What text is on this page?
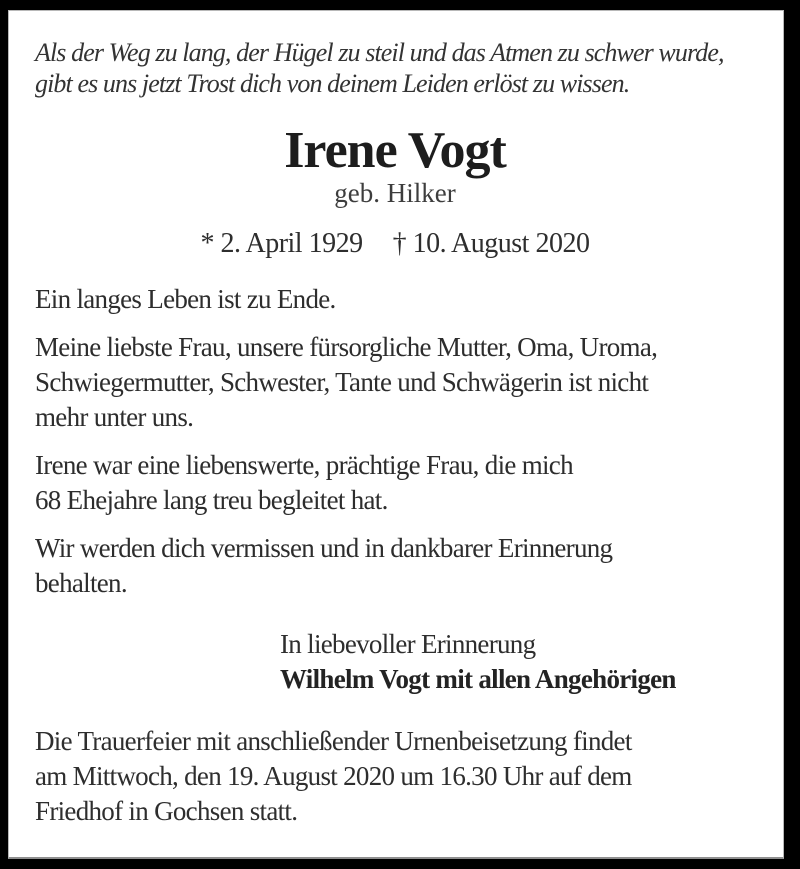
Als der Weg zu lang, der Hügel zu steil und das Atmen zu schwer wurde,
gibt es uns jetzt Trost dich von deinem Leiden erlöst zu wissen.
Irene Vogt
geb. Hilker
* 2. April 1929 † 10. August 2020
Ein langes Leben ist zu Ende.
Meine liebste Frau, unsere fürsorgliche Mutter, Oma, Uroma,
Schwiegermutter, Schwester, Tante und Schwägerin ist nicht
mehr unter uns.
Irene war eine liebenswerte, prächtige Frau, die mich
68 Ehejahre lang treu begleitet hat.
Wir werden dich vermissen und in dankbarer Erinnerung
behalten.
In liebevoller Erinnerung
Wilhelm Vogt mit allen Angehörigen
Die Trauerfeier mit anschließender Urnenbeisetzung findet
am Mittwoch, den 19. August 2020 um 16.30 Uhr auf dem
Friedhof in Gochsen statt.
